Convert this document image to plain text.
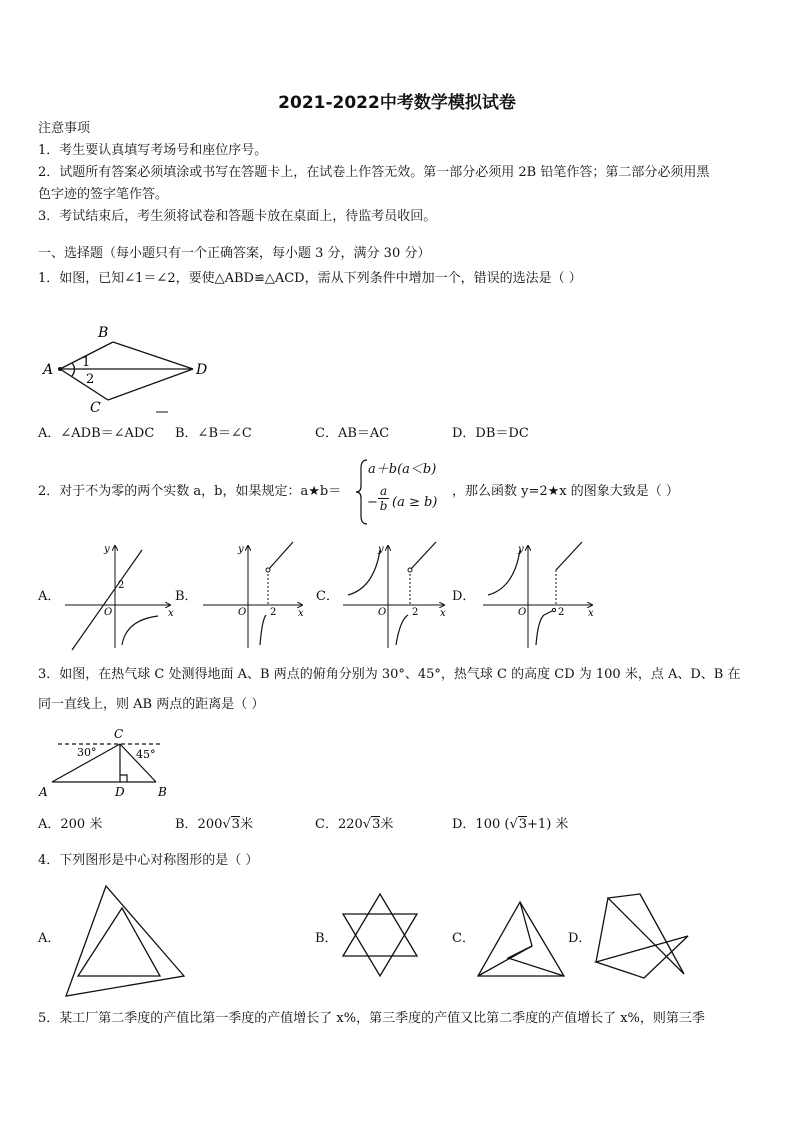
2021-2022中考数学模拟试卷
注意事项
1．考生要认真填写考场号和座位序号。
2．试题所有答案必须填涂或书写在答题卡上，在试卷上作答无效。第一部分必须用 2B 铅笔作答；第二部分必须用黑
色字迹的签字笔作答。
3．考试结束后，考生须将试卷和答题卡放在桌面上，待监考员收回。
一、选择题（每小题只有一个正确答案，每小题 3 分，满分 30 分）
1．如图，已知∠1＝∠2，要使△ABD≌△ACD，需从下列条件中增加一个，错误的选法是（ ）
A
B
C
D
1
2
A．∠ADB＝∠ADC B．∠B＝∠C	C．AB＝AC	D．DB＝DC
2．对于不为零的两个实数 a，b，如果规定：a★b＝
a＋b(a＜b)
− $\frac{a}{b} (a \ge b)$
，那么函数 y=2★x 的图象大致是（ ）
A．	B．	C．	D．
y
x
O
2
y
x
O 2
y
x
O	2
y
x
O	2
3．如图，在热气球 C 处测得地面 A、B 两点的俯角分别为 30°、45°，热气球 C 的高度 CD 为 100 米，点 A、D、B 在
同一直线上，则 AB 两点的距离是（ ）
C
A	D	B
30°	45°
A．200 米	B．200√3米	C．220√3米	D．100 (√3+1) 米
4．下列图形是中心对称图形的是（ ）
A．	B．	C．	D．
5．某工厂第二季度的产值比第一季度的产值增长了 x%，第三季度的产值又比第二季度的产值增长了 x%，则第三季
